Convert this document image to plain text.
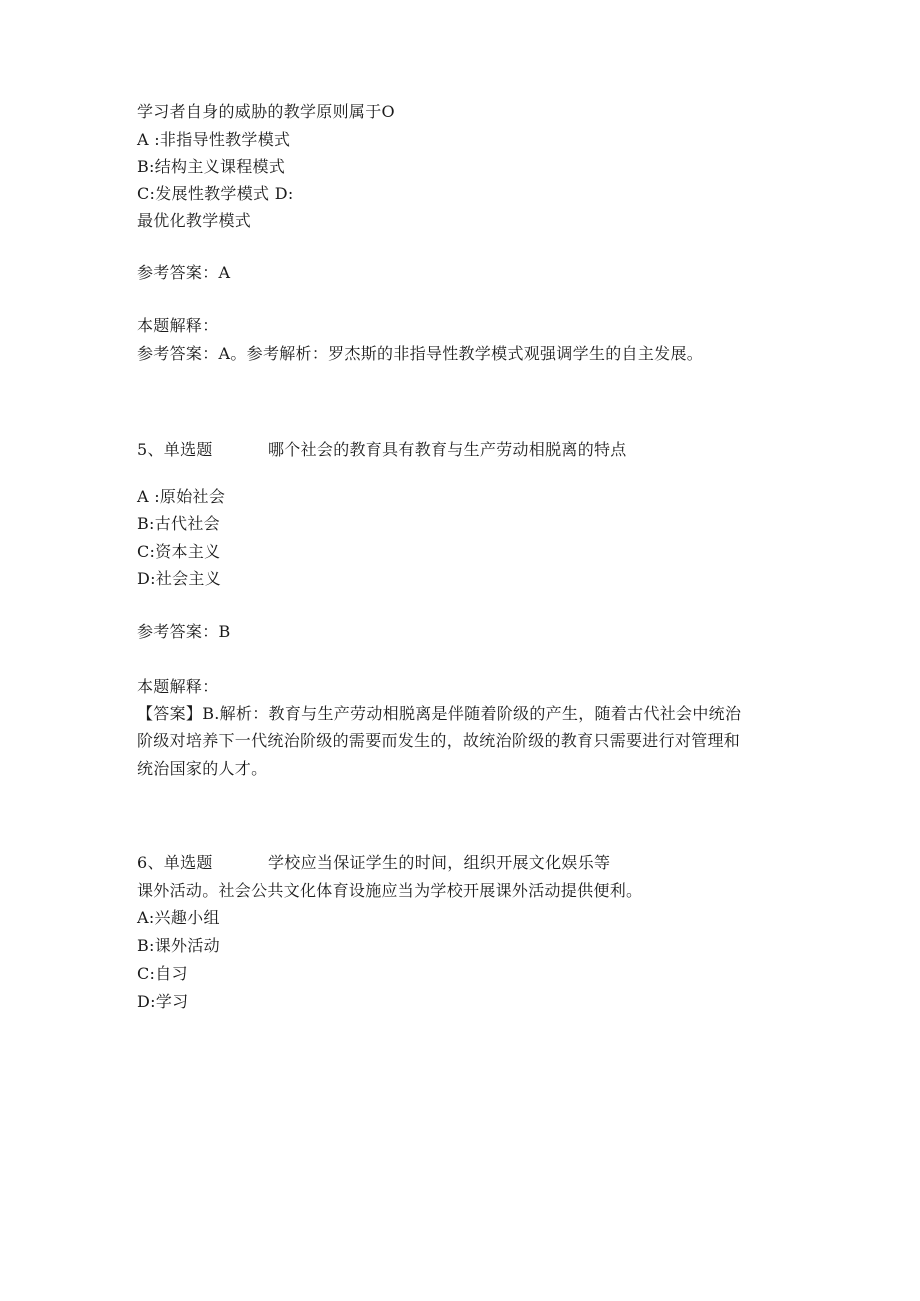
学习者自身的威胁的教学原则属于O
A :非指导性教学模式
B:结构主义课程模式
C:发展性教学模式 D:
最优化教学模式
参考答案：A
本题解释：
参考答案：A。参考解析：罗杰斯的非指导性教学模式观强调学生的自主发展。
5、单选题	哪个社会的教育具有教育与生产劳动相脱离的特点
A :原始社会
B:古代社会
C:资本主义
D:社会主义
参考答案：B
本题解释：
【答案】B.解析：教育与生产劳动相脱离是伴随着阶级的产生，随着古代社会中统治
阶级对培养下一代统治阶级的需要而发生的，故统治阶级的教育只需要进行对管理和
统治国家的人才。
6、单选题	学校应当保证学生的时间，组织开展文化娱乐等
课外活动。社会公共文化体育设施应当为学校开展课外活动提供便利。
A:兴趣小组
B:课外活动
C:自习
D:学习
